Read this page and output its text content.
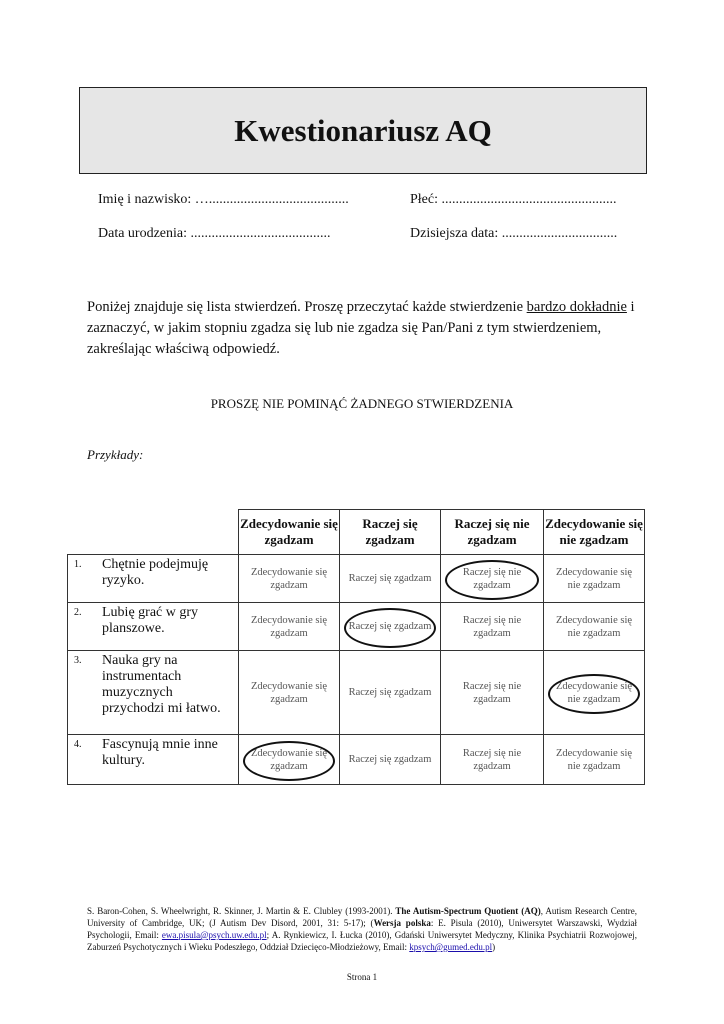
Kwestionariusz AQ
Imię i nazwisko: …........................................	Płeć: ..................................................
Data urodzenia: ........................................	Dzisiejsza data: .................................
Poniżej znajduje się lista stwierdzeń. Proszę przeczytać każde stwierdzenie bardzo dokładnie i zaznaczyć, w jakim stopniu zgadza się lub nie zgadza się Pan/Pani z tym stwierdzeniem, zakreślając właściwą odpowiedź.
PROSZĘ NIE POMINĄĆ ŻADNEGO STWIERDZENIA
Przykłady:
		Zdecydowanie się zgadzam	Raczej się zgadzam	Raczej się nie zgadzam	Zdecydowanie się nie zgadzam
1.	Chętnie podejmuję ryzyko.	Zdecydowanie się zgadzam	Raczej się zgadzam	Raczej się nie zgadzam	Zdecydowanie się nie zgadzam
2.	Lubię grać w gry planszowe.	Zdecydowanie się zgadzam	Raczej się zgadzam	Raczej się nie zgadzam	Zdecydowanie się nie zgadzam
3.	Nauka gry na instrumentach muzycznych przychodzi mi łatwo.	Zdecydowanie się zgadzam	Raczej się zgadzam	Raczej się nie zgadzam	Zdecydowanie się nie zgadzam

4.	Fascynują mnie inne kultury.	Zdecydowanie się zgadzam	Raczej się zgadzam	Raczej się nie zgadzam	Zdecydowanie się nie zgadzam
S. Baron-Cohen, S. Wheelwright, R. Skinner, J. Martin & E. Clubley (1993-2001). The Autism-Spectrum Quotient (AQ), Autism Research Centre, University of Cambridge, UK; (J Autism Dev Disord, 2001, 31: 5-17); (Wersja polska: E. Pisula (2010), Uniwersytet Warszawski, Wydział Psychologii, Email: ewa.pisula@psych.uw.edu.pl; A. Rynkiewicz, I. Łucka (2010), Gdański Uniwersytet Medyczny, Klinika Psychiatrii Rozwojowej, Zaburzeń Psychotycznych i Wieku Podeszłego, Oddział Dziecięco-Młodzieżowy, Email: kpsych@gumed.edu.pl)
Strona 1
